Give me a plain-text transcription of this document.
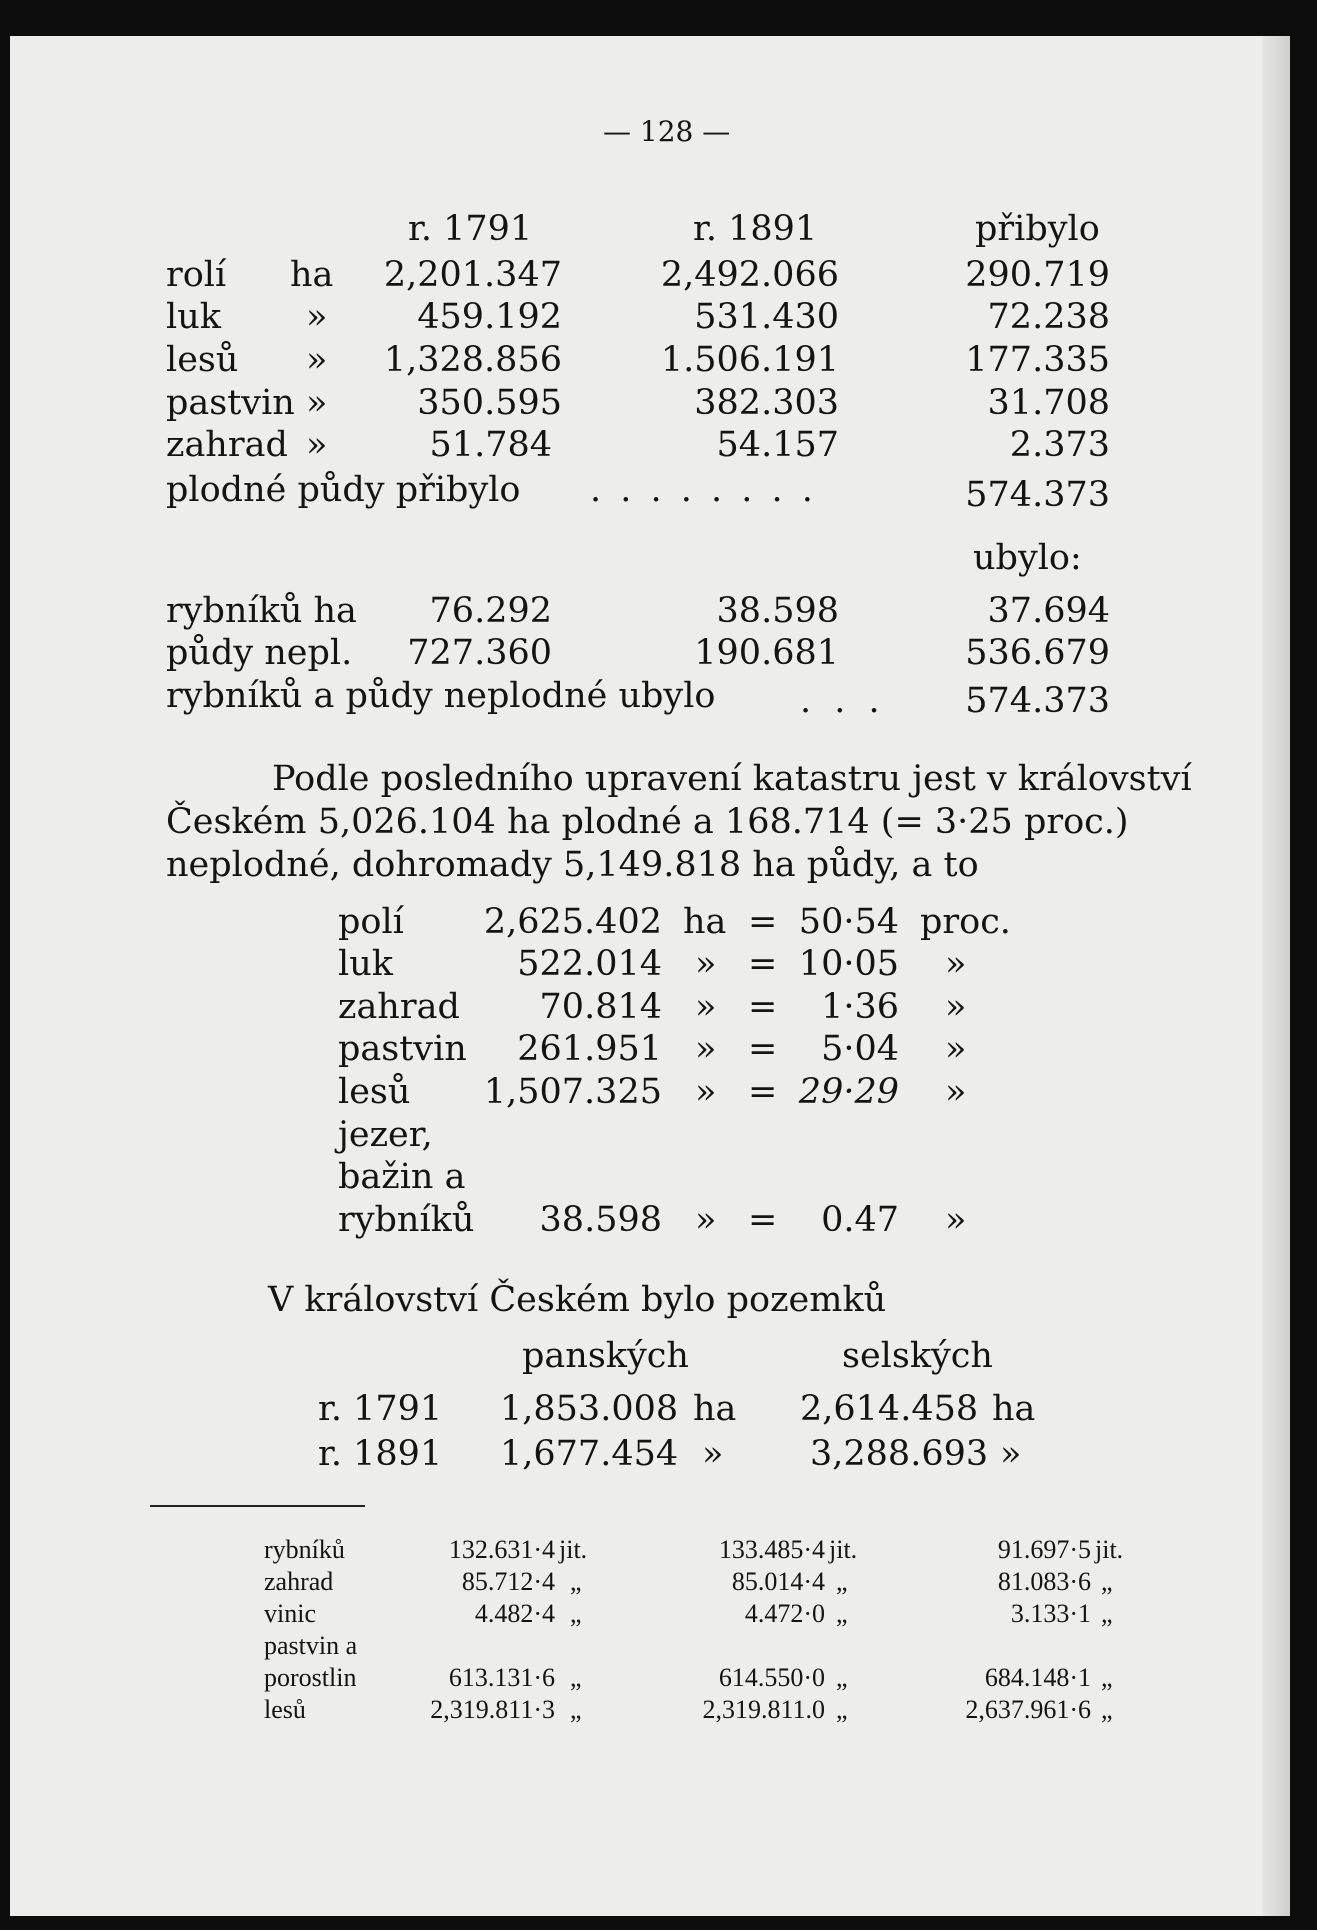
— 128 —
r. 1791	r. 1891	přibylo
rolí ha 2,201.347	2,492.066	290.719
luk »	459.192	531.430	72.238
lesů » 1,328.856	1.506.191	177.335
pastvin »	350.595	382.303	31.708
zahrad »	51.784	54.157	2.373
plodné půdy přibylo . . . . . . . .	574.373
ubylo:
rybníků ha 76.292	38.598	37.694
půdy nepl. 727.360	190.681	536.679
rybníků a půdy neplodné ubylo . . . 574.373
Podle posledního upravení katastru jest v království
Českém 5,026.104 ha plodné a 168.714 (= 3·25 proc.)
neplodné, dohromady 5,149.818 ha půdy, a to
polí 2,625.402 ha = 50·54 proc.
luk	522.014 » = 10·05 »
zahrad 70.814 » = 1·36 »
pastvin 261.951 » = 5·04 »
lesů 1,507.325 » = 29·29 »
jezer,
bažin a
rybníků 38.598 » = 0.47 »
V království Českém bylo pozemků
panských	selských
r. 1791 1,853.008 ha 2,614.458 ha
r. 1891 1,677.454 » 3,288.693 »
rybníků	132.631·4 jit.	133.485·4 jit.	91.697·5 jit.
zahrad	85.712·4 „	85.014·4 „	81.083·6 „
vinic	4.482·4 „	4.472·0 „	3.133·1 „
pastvin a
porostlin	613.131·6 „	614.550·0 „	684.148·1 „
lesů	2,319.811·3 „	2,319.811.0 „	2,637.961·6 „
